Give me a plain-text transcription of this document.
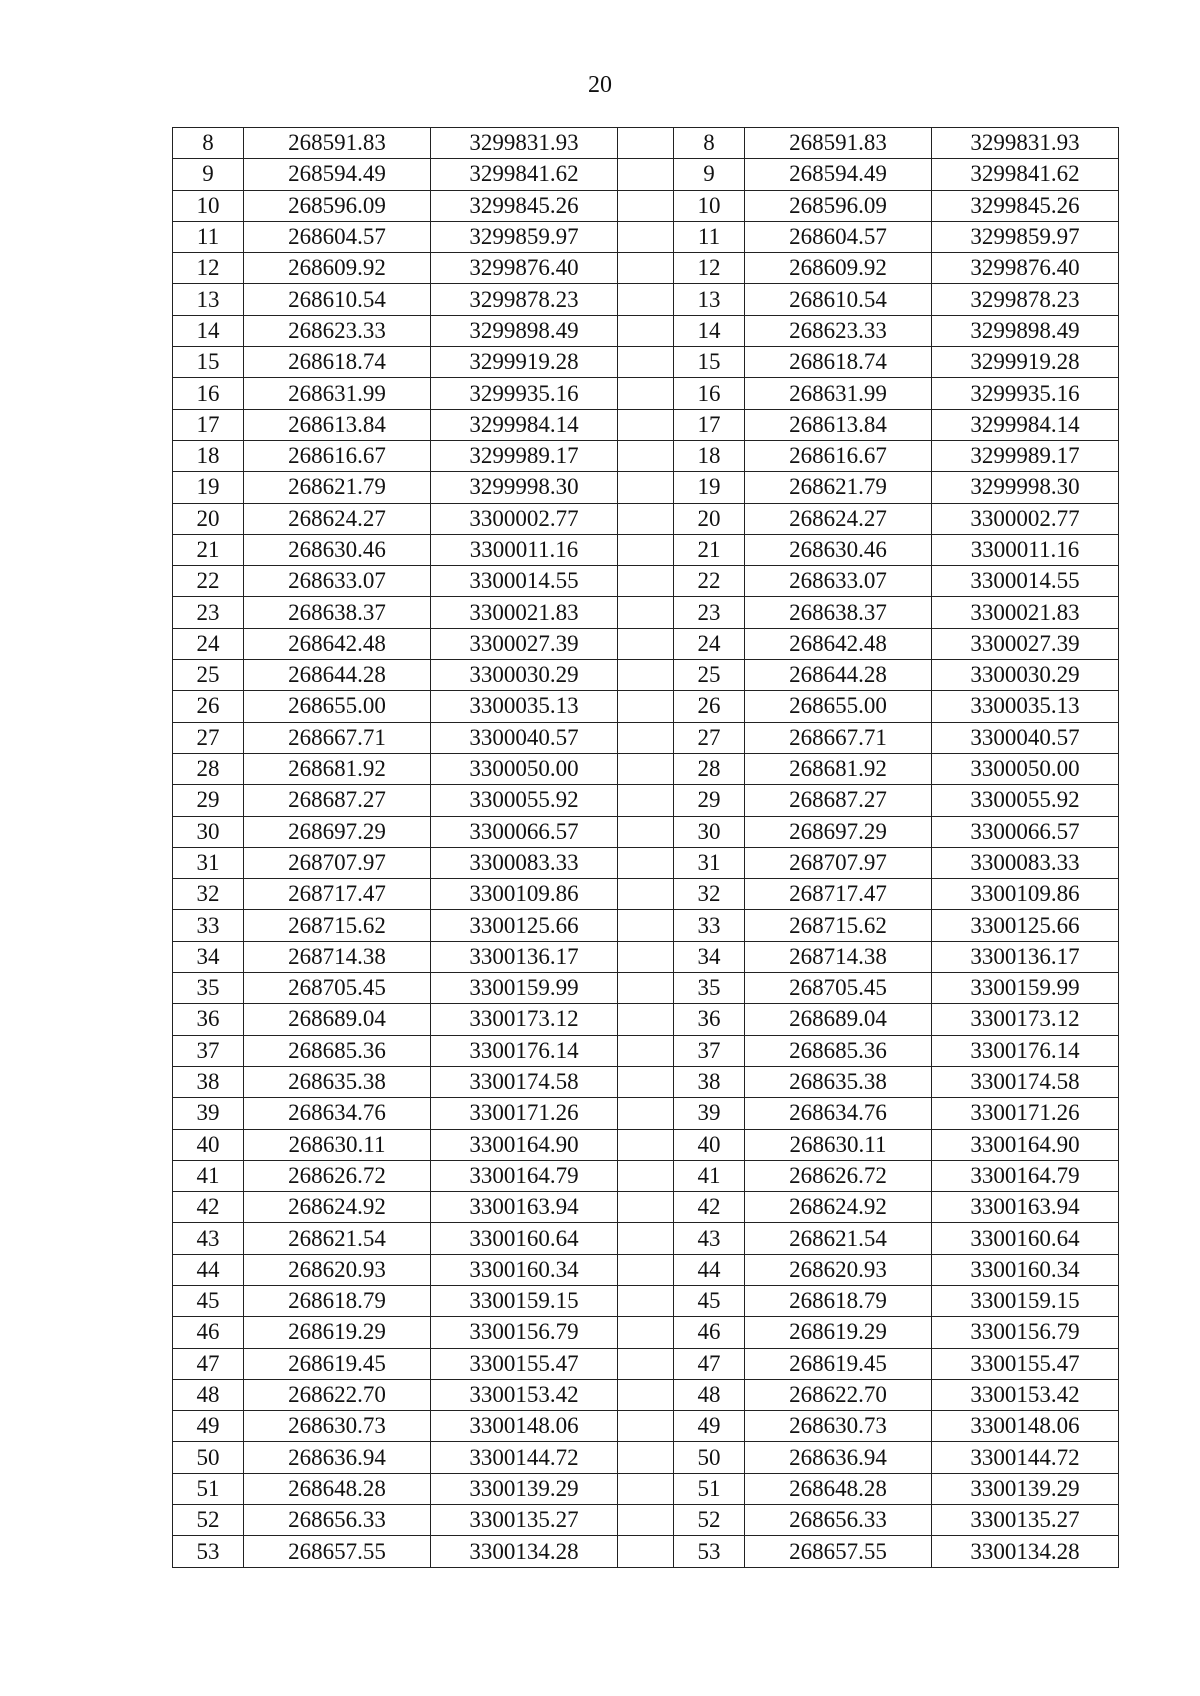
20
8	268591.83	3299831.93		8	268591.83	3299831.93
9	268594.49	3299841.62		9	268594.49	3299841.62
10	268596.09	3299845.26		10	268596.09	3299845.26
11	268604.57	3299859.97		11	268604.57	3299859.97
12	268609.92	3299876.40		12	268609.92	3299876.40
13	268610.54	3299878.23		13	268610.54	3299878.23
14	268623.33	3299898.49		14	268623.33	3299898.49
15	268618.74	3299919.28		15	268618.74	3299919.28
16	268631.99	3299935.16		16	268631.99	3299935.16
17	268613.84	3299984.14		17	268613.84	3299984.14
18	268616.67	3299989.17		18	268616.67	3299989.17
19	268621.79	3299998.30		19	268621.79	3299998.30
20	268624.27	3300002.77		20	268624.27	3300002.77
21	268630.46	3300011.16		21	268630.46	3300011.16
22	268633.07	3300014.55		22	268633.07	3300014.55
23	268638.37	3300021.83		23	268638.37	3300021.83
24	268642.48	3300027.39		24	268642.48	3300027.39
25	268644.28	3300030.29		25	268644.28	3300030.29
26	268655.00	3300035.13		26	268655.00	3300035.13
27	268667.71	3300040.57		27	268667.71	3300040.57
28	268681.92	3300050.00		28	268681.92	3300050.00
29	268687.27	3300055.92		29	268687.27	3300055.92
30	268697.29	3300066.57		30	268697.29	3300066.57
31	268707.97	3300083.33		31	268707.97	3300083.33
32	268717.47	3300109.86		32	268717.47	3300109.86
33	268715.62	3300125.66		33	268715.62	3300125.66
34	268714.38	3300136.17		34	268714.38	3300136.17
35	268705.45	3300159.99		35	268705.45	3300159.99
36	268689.04	3300173.12		36	268689.04	3300173.12
37	268685.36	3300176.14		37	268685.36	3300176.14
38	268635.38	3300174.58		38	268635.38	3300174.58
39	268634.76	3300171.26		39	268634.76	3300171.26
40	268630.11	3300164.90		40	268630.11	3300164.90
41	268626.72	3300164.79		41	268626.72	3300164.79
42	268624.92	3300163.94		42	268624.92	3300163.94
43	268621.54	3300160.64		43	268621.54	3300160.64
44	268620.93	3300160.34		44	268620.93	3300160.34
45	268618.79	3300159.15		45	268618.79	3300159.15
46	268619.29	3300156.79		46	268619.29	3300156.79
47	268619.45	3300155.47		47	268619.45	3300155.47
48	268622.70	3300153.42		48	268622.70	3300153.42
49	268630.73	3300148.06		49	268630.73	3300148.06
50	268636.94	3300144.72		50	268636.94	3300144.72
51	268648.28	3300139.29		51	268648.28	3300139.29
52	268656.33	3300135.27		52	268656.33	3300135.27
53	268657.55	3300134.28		53	268657.55	3300134.28
